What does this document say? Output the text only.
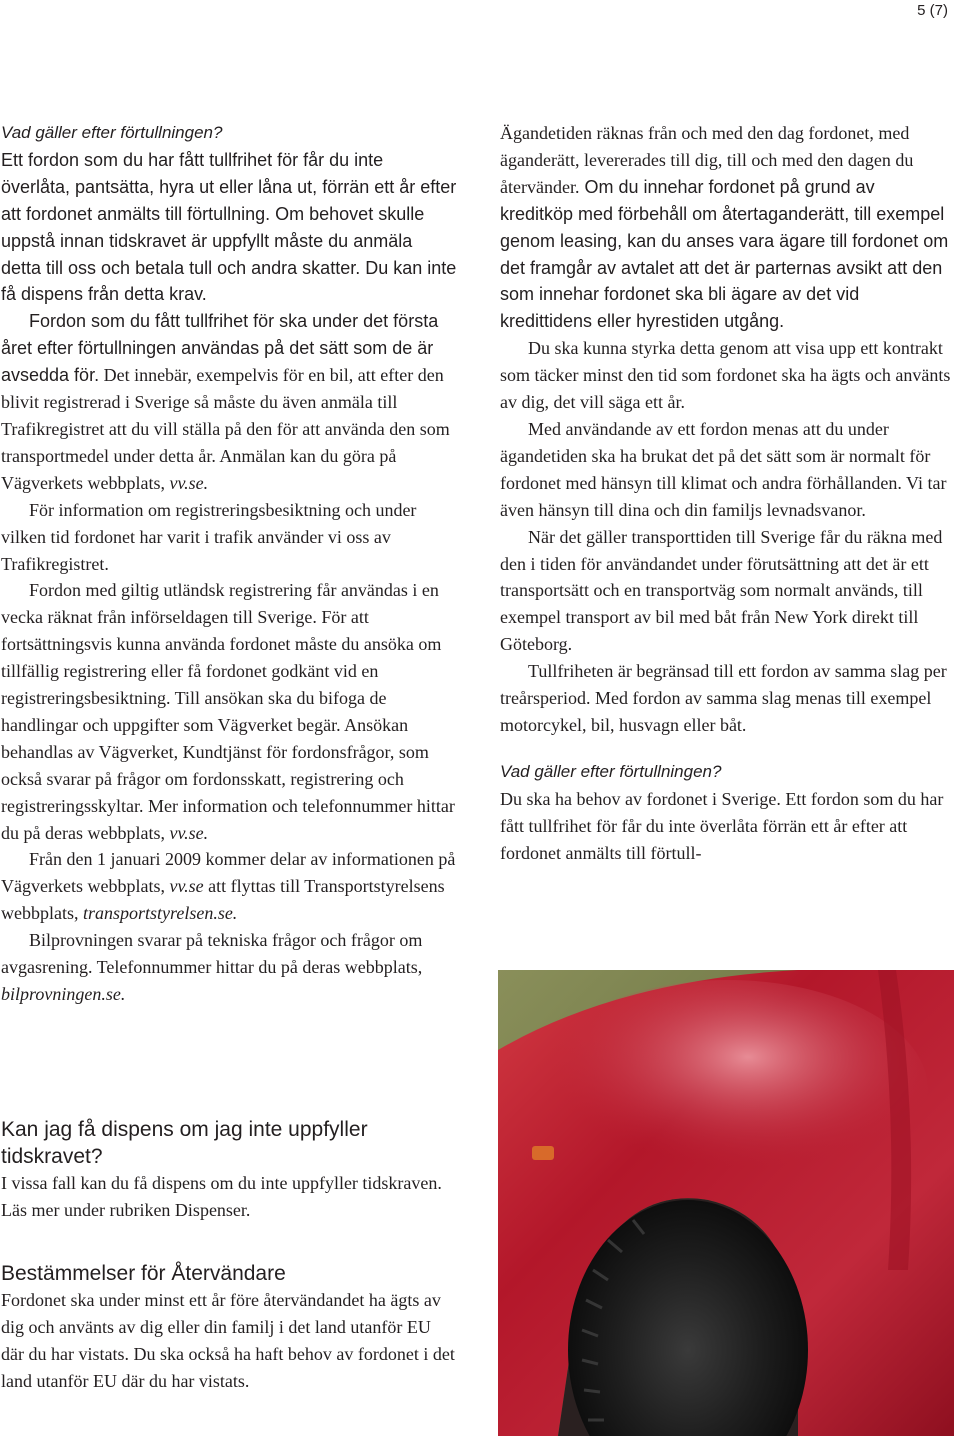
5 (7)

Vad gäller efter förtullningen?

Ett fordon som du har fått tullfrihet för får du inte överlåta, pantsätta, hyra ut eller låna ut, förrän ett år efter att fordonet anmälts till förtullning. Om behovet skulle uppstå innan tidskravet är uppfyllt måste du anmäla detta till oss och betala tull och andra skatter. Du kan inte få dispens från detta krav.

Fordon som du fått tullfrihet för ska under det första året efter förtullningen användas på det sätt som de är avsedda för. Det innebär, exempelvis för en bil, att efter den blivit registrerad i Sverige så måste du även anmäla till Trafikregistret att du vill ställa på den för att använda den som transportmedel under detta år. Anmälan kan du göra på Vägverkets webbplats, vv.se.

För information om registreringsbesiktning och under vilken tid fordonet har varit i trafik använder vi oss av Trafikregistret.

Fordon med giltig utländsk registrering får användas i en vecka räknat från införseldagen till Sverige. För att fortsättningsvis kunna använda fordonet måste du ansöka om tillfällig registrering eller få fordonet godkänt vid en registreringsbesiktning. Till ansökan ska du bifoga de handlingar och uppgifter som Vägverket begär. Ansökan behandlas av Vägverket, Kundtjänst för fordonsfrågor, som också svarar på frågor om fordonsskatt, registrering och registreringsskyltar. Mer information och telefonnummer hittar du på deras webbplats, vv.se.

Från den 1 januari 2009 kommer delar av informationen på Vägverkets webbplats, vv.se att flyttas till Transportstyrelsens webbplats, transportstyrelsen.se.

Bilprovningen svarar på tekniska frågor och frågor om avgasrening. Telefonnummer hittar du på deras webbplats, bilprovningen.se.

Kan jag få dispens om jag inte uppfyller tidskravet?

I vissa fall kan du få dispens om du inte uppfyller tidskraven. Läs mer under rubriken Dispenser.

Bestämmelser för Återvändare

Fordonet ska under minst ett år före återvändandet ha ägts av dig och använts av dig eller din familj i det land utanför EU där du har vistats. Du ska också ha haft behov av fordonet i det land utanför EU där du har vistats.

Ägandetiden räknas från och med den dag fordonet, med äganderätt, levererades till dig, till och med den dagen du återvänder. Om du innehar fordonet på grund av kreditköp med förbehåll om återtaganderätt, till exempel genom leasing, kan du anses vara ägare till fordonet om det framgår av avtalet att det är parternas avsikt att den som innehar fordonet ska bli ägare av det vid kredittidens eller hyrestiden utgång.

Du ska kunna styrka detta genom att visa upp ett kontrakt som täcker minst den tid som fordonet ska ha ägts och använts av dig, det vill säga ett år.

Med användande av ett fordon menas att du under ägandetiden ska ha brukat det på det sätt som är normalt för fordonet med hänsyn till klimat och andra förhållanden. Vi tar även hänsyn till dina och din familjs levnadsvanor.

När det gäller transporttiden till Sverige får du räkna med den i tiden för användandet under förutsättning att det är ett transportsätt och en transportväg som normalt används, till exempel transport av bil med båt från New York direkt till Göteborg.

Tullfriheten är begränsad till ett fordon av samma slag per treårsperiod. Med fordon av samma slag menas till exempel motorcykel, bil, husvagn eller båt.

Vad gäller efter förtullningen?

Du ska ha behov av fordonet i Sverige. Ett fordon som du har fått tullfrihet för får du inte överlåta förrän ett år efter att fordonet anmälts till förtull-
